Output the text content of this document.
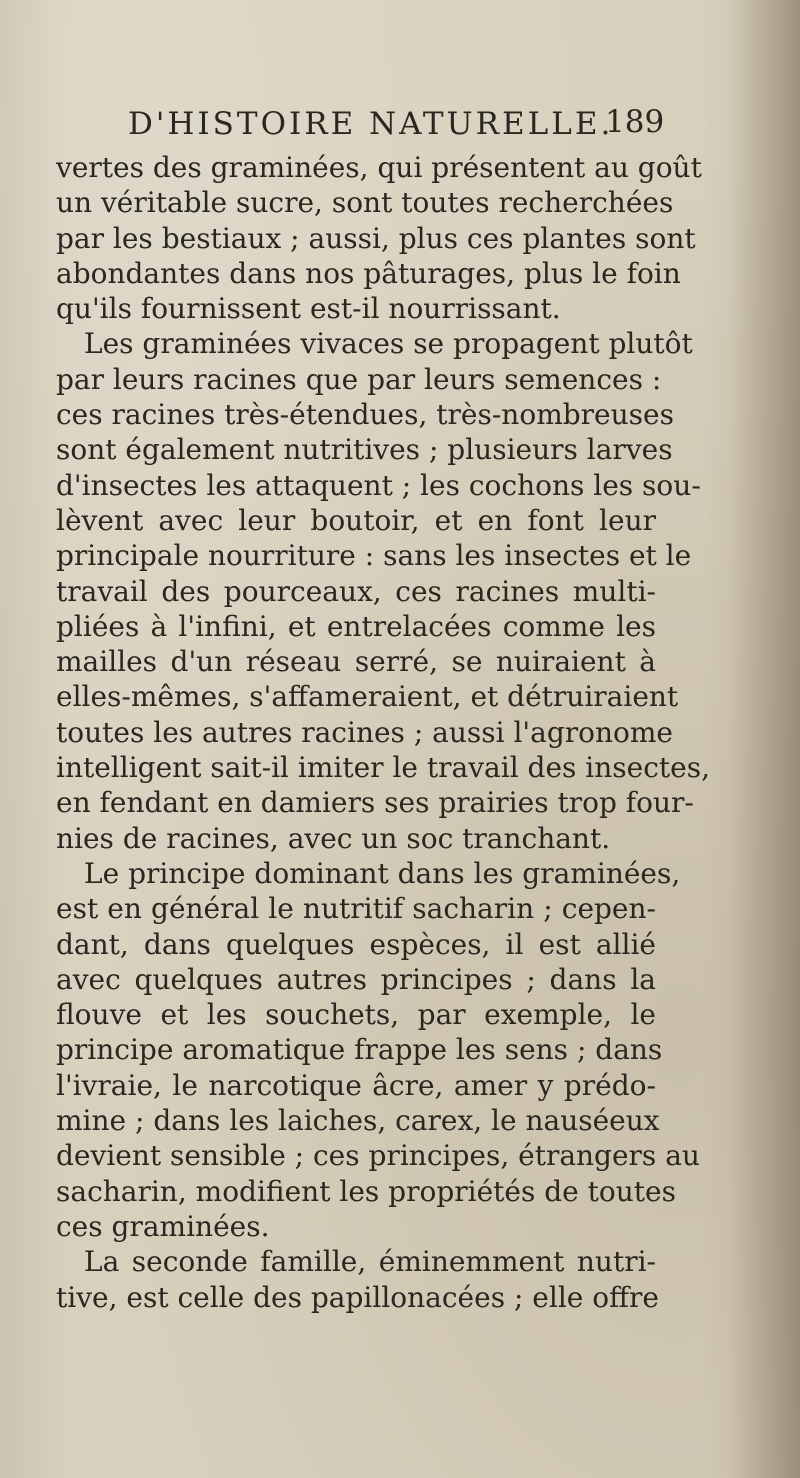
D'HISTOIRE NATURELLE.
189
vertes des graminées, qui présentent au goût
un véritable sucre, sont toutes recherchées
par les bestiaux ; aussi, plus ces plantes sont
abondantes dans nos pâturages, plus le foin
qu'ils fournissent est-il nourrissant.
Les graminées vivaces se propagent plutôt
par leurs racines que par leurs semences :
ces racines très-étendues, très-nombreuses
sont également nutritives ; plusieurs larves
d'insectes les attaquent ; les cochons les sou-
lèvent avec leur boutoir, et en font leur
principale nourriture : sans les insectes et le
travail des pourceaux, ces racines multi-
pliées à l'infini, et entrelacées comme les
mailles d'un réseau serré, se nuiraient à
elles-mêmes, s'affameraient, et détruiraient
toutes les autres racines ; aussi l'agronome
intelligent sait-il imiter le travail des insectes,
en fendant en damiers ses prairies trop four-
nies de racines, avec un soc tranchant.
Le principe dominant dans les graminées,
est en général le nutritif sacharin ; cepen-
dant, dans quelques espèces, il est allié
avec quelques autres principes ; dans la
flouve et les souchets, par exemple, le
principe aromatique frappe les sens ; dans
l'ivraie, le narcotique âcre, amer y prédo-
mine ; dans les laiches, carex, le nauséeux
devient sensible ; ces principes, étrangers au
sacharin, modifient les propriétés de toutes
ces graminées.
La seconde famille, éminemment nutri-
tive, est celle des papillonacées ; elle offre
